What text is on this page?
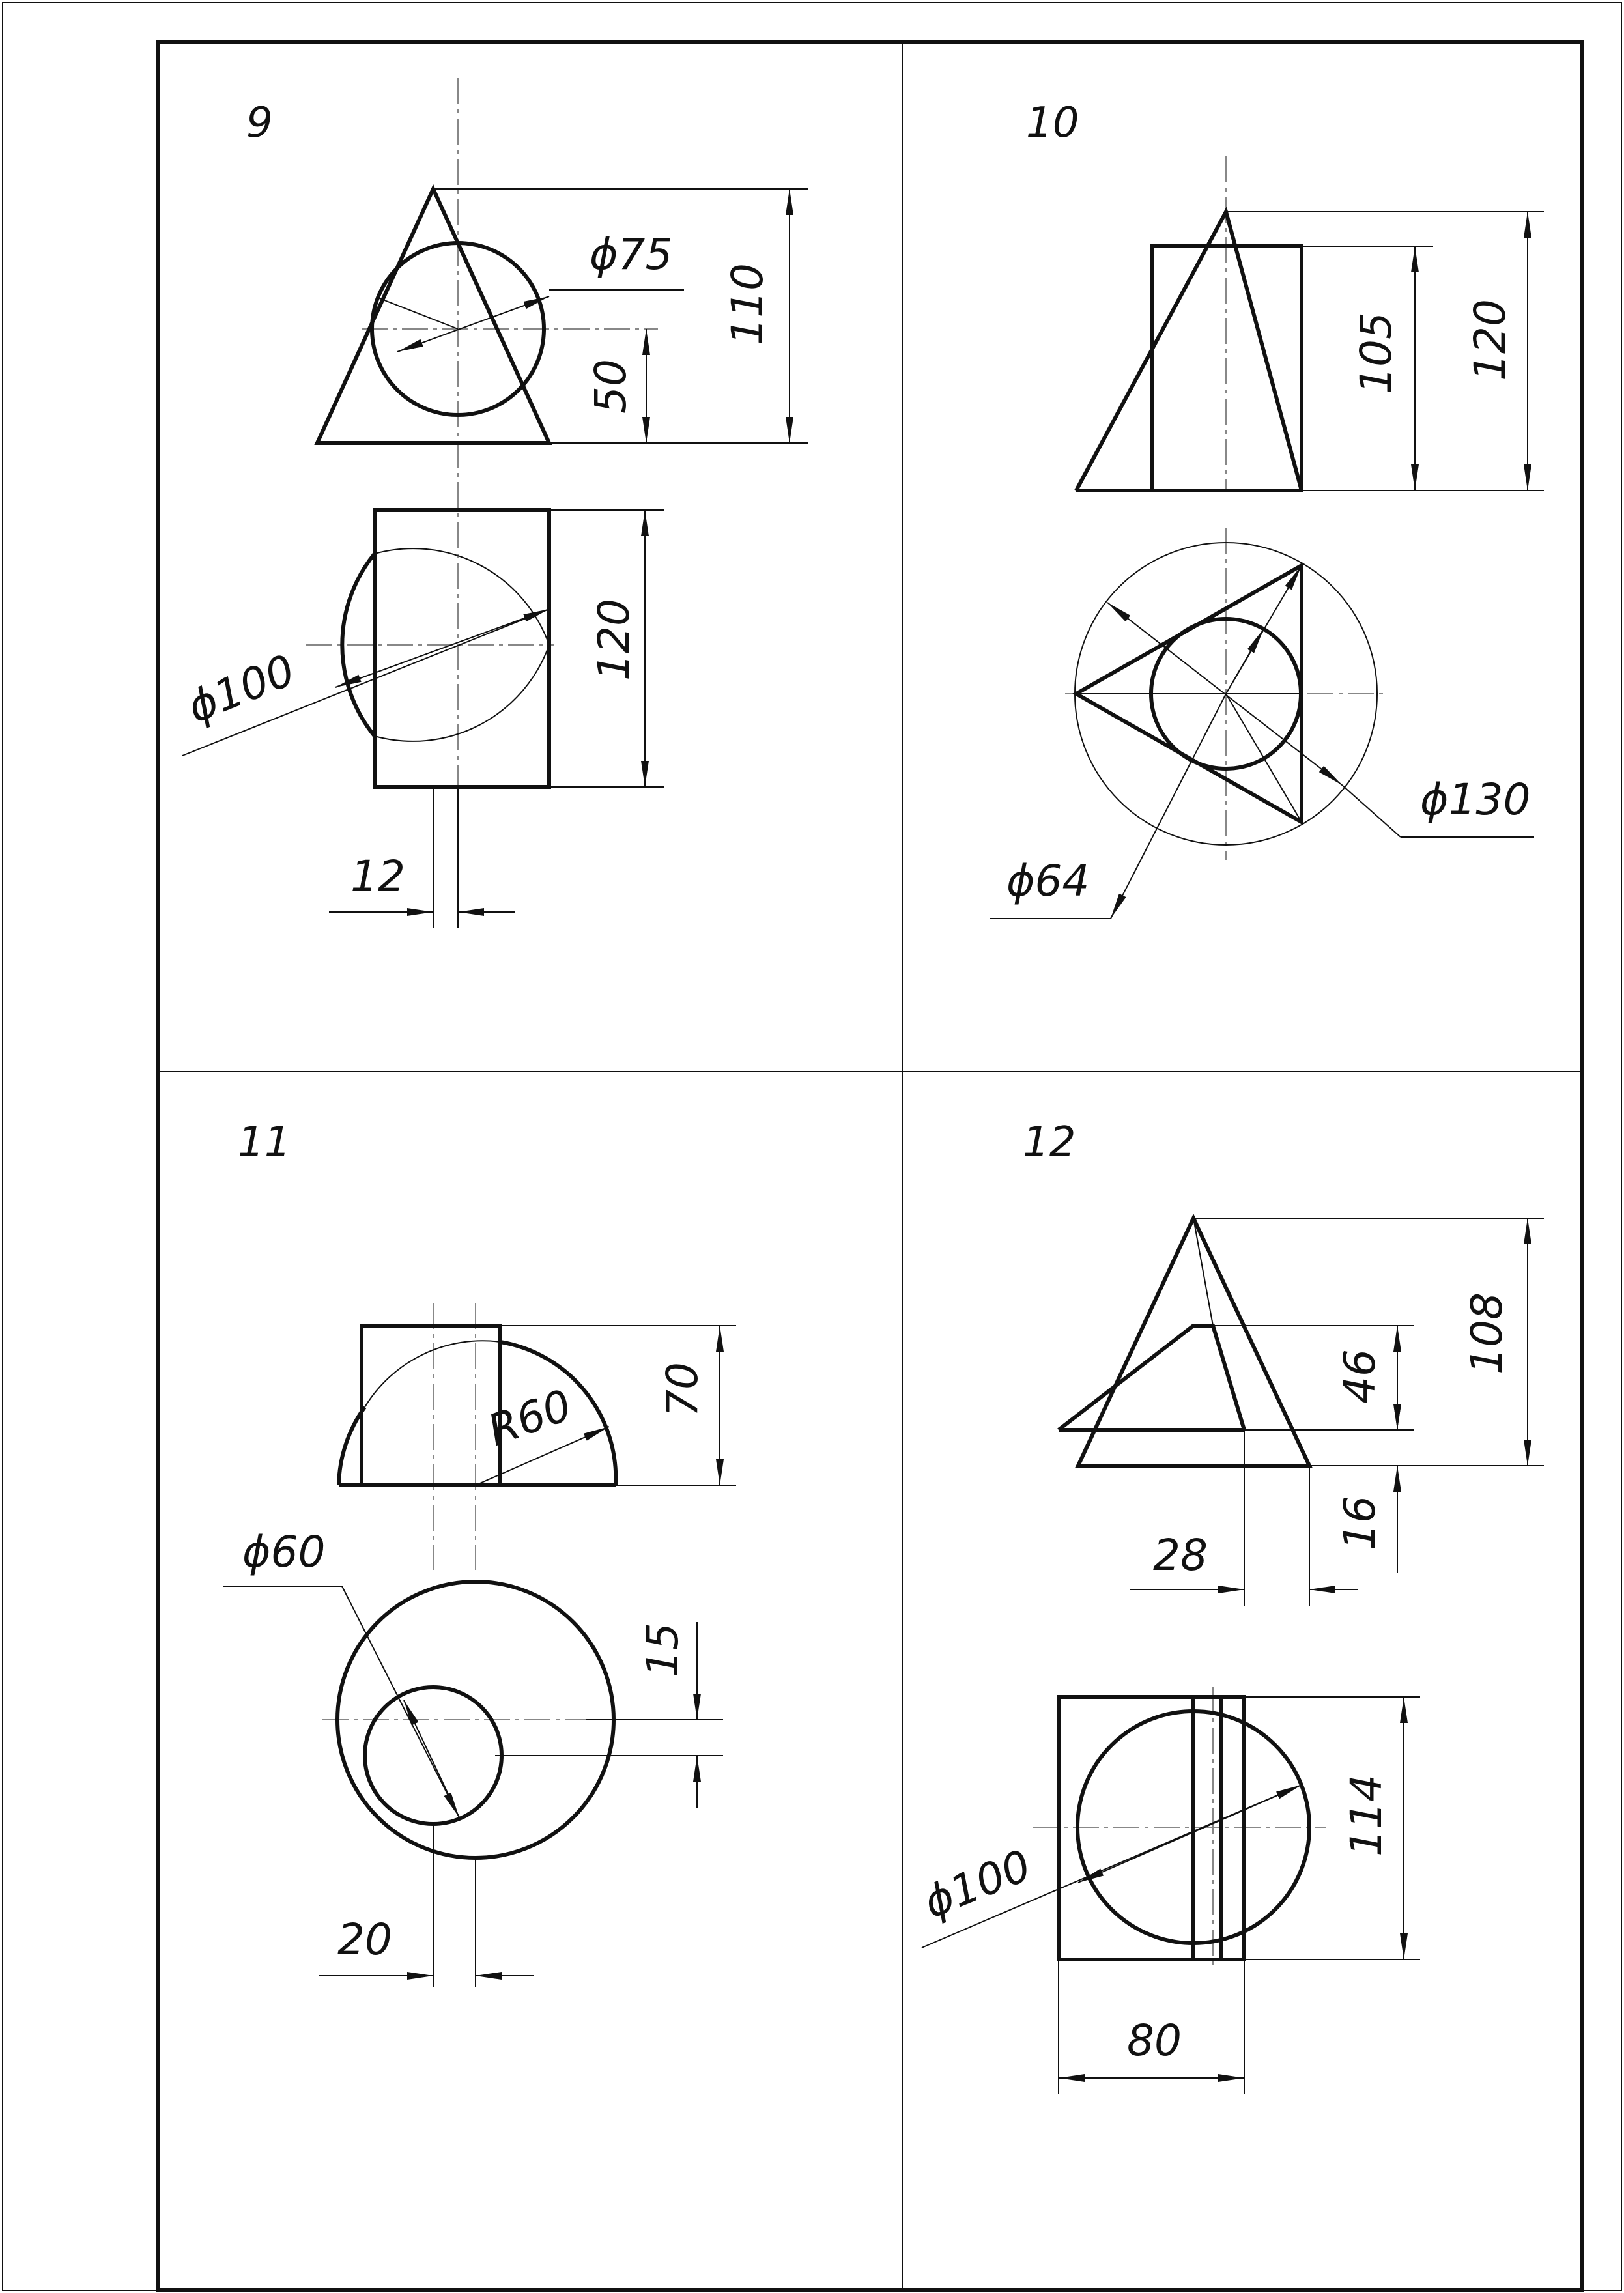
9
ϕ75
110
50
ϕ100
120
12
10
105 120
ϕ130
ϕ64
11
R60 70
ϕ60
15
20
12
108
46
16
28
114
ϕ100
80
